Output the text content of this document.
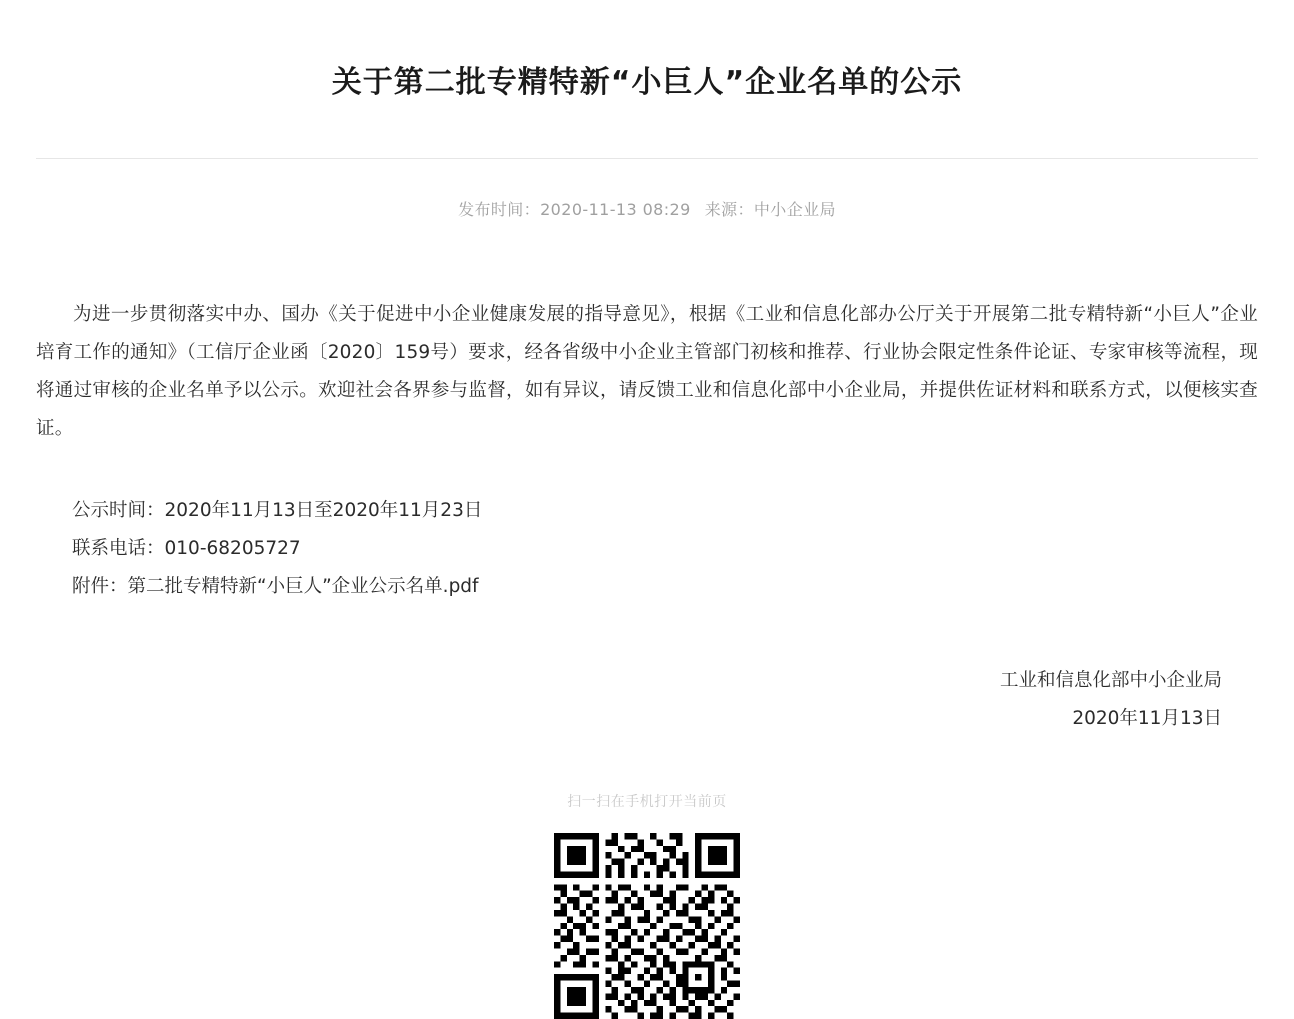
关于第二批专精特新“小巨人”企业名单的公示
发布时间：2020-11-13 08:29 来源：中小企业局

为进一步贯彻落实中办、国办《关于促进中小企业健康发展的指导意见》，根据《工业和信息化部办公厅关于开展第二批专精特新“小巨人”企业培育工作的通知》（工信厅企业函〔2020〕159号）要求，经各省级中小企业主管部门初核和推荐、行业协会限定性条件论证、专家审核等流程，现将通过审核的企业名单予以公示。欢迎社会各界参与监督，如有异议，请反馈工业和信息化部中小企业局，并提供佐证材料和联系方式，以便核实查证。

公示时间：2020年11月13日至2020年11月23日
联系电话：010-68205727
附件：第二批专精特新“小巨人”企业公示名单.pdf
工业和信息化部中小企业局
2020年11月13日
扫一扫在手机打开当前页
